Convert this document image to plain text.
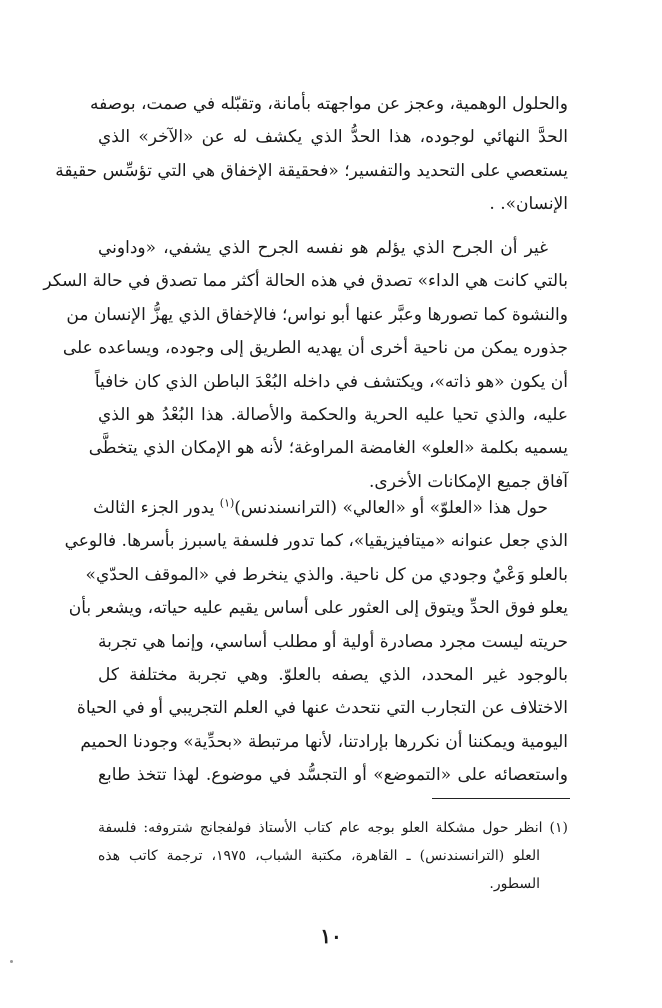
والحلول الوهمية، وعجز عن مواجهته بأمانة، وتقبّله في صمت، بوصفه
الحدَّ النهائي لوجوده، هذا الحدُّ الذي يكشف له عن «الآخر» الذي
يستعصي على التحديد والتفسير؛ «فحقيقة الإخفاق هي التي تؤسِّس حقيقة
الإنسان». .
غير أن الجرح الذي يؤلم هو نفسه الجرح الذي يشفي، «وداوني
بالتي كانت هي الداء» تصدق في هذه الحالة أكثر مما تصدق في حالة السكر
والنشوة كما تصورها وعبَّر عنها أبو نواس؛ فالإخفاق الذي يهزُّ الإنسان من
جذوره يمكن من ناحية أخرى أن يهديه الطريق إلى وجوده، ويساعده على
أن يكون «هو ذاته»، ويكتشف في داخله البُعْدَ الباطن الذي كان خافياً
عليه، والذي تحيا عليه الحرية والحكمة والأصالة. هذا البُعْدُ هو الذي
يسميه بكلمة «العلو» الغامضة المراوغة؛ لأنه هو الإمكان الذي يتخطَّى
آفاق جميع الإمكانات الأخرى.
حول هذا «العلوّ» أو «العالي» (الترانسندنس)$^{(١)}$ يدور الجزء الثالث
الذي جعل عنوانه «ميتافيزيقيا»، كما تدور فلسفة ياسبرز بأسرها. فالوعي
بالعلو وَعْيٌ وجودي من كل ناحية. والذي ينخرط في «الموقف الحدّي»
يعلو فوق الحدِّ ويتوق إلى العثور على أساس يقيم عليه حياته، ويشعر بأن
حريته ليست مجرد مصادرة أولية أو مطلب أساسي، وإنما هي تجربة
بالوجود غير المحدد، الذي يصفه بالعلوّ. وهي تجربة مختلفة كل
الاختلاف عن التجارب التي نتحدث عنها في العلم التجريبي أو في الحياة
اليومية ويمكننا أن نكررها بإرادتنا، لأنها مرتبطة «بحدِّية» وجودنا الحميم
واستعصائه على «التموضع» أو التجسُّد في موضوع. لهذا تتخذ طابع
(١) انظر حول مشكلة العلو بوجه عام كتاب الأستاذ فولفجانج شتروفه: فلسفة
العلو (الترانسندنس) ـ القاهرة، مكتبة الشباب، ١٩٧٥، ترجمة كاتب هذه
السطور.
١٠
